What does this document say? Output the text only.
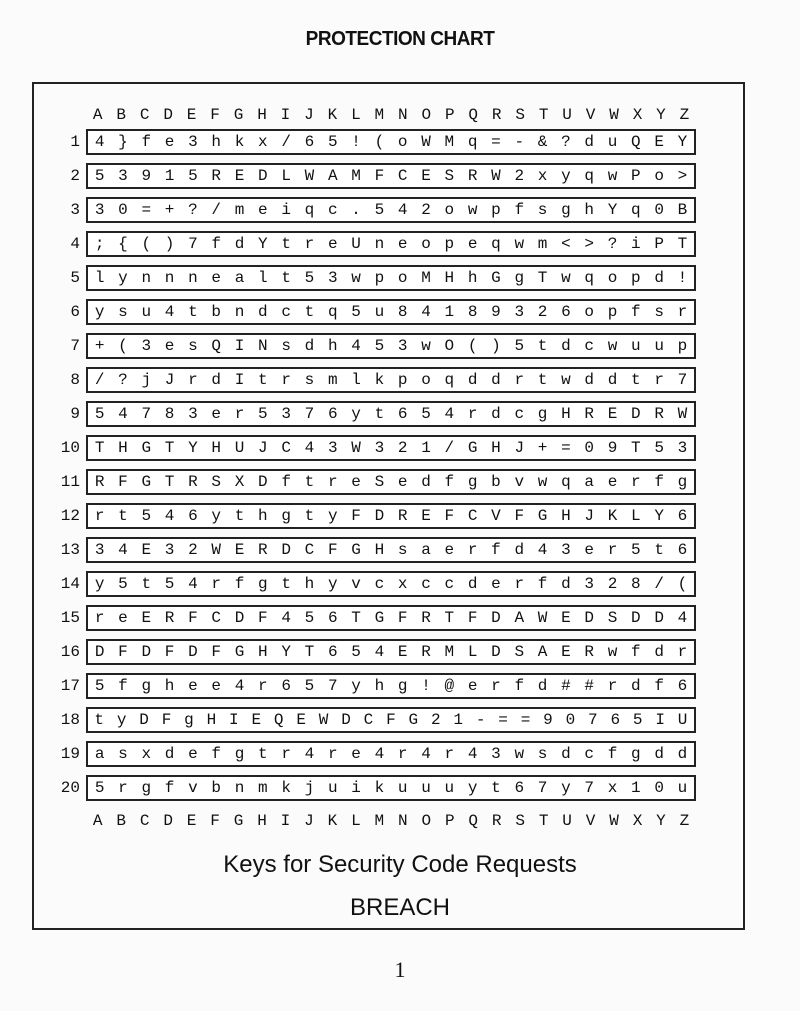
PROTECTION CHART
A B C D E F G H I J K L M N O P Q R S T U V W X Y Z
1 4 } f e 3 h k x / 6 5 ! ( o W M q = - & ? d u Q E Y
2 5 3 9 1 5 R E D L W A M F C E S R W 2 x y q w P o >
3 3 0 = + ? / m e i q c . 5 4 2 o w p f s g h Y q 0 B
4 ; { ( ) 7 f d Y t r e U n e o p e q w m < > ? i P T
5 l y n n n e a l t 5 3 w p o M H h G g T w q o p d !
6 y s u 4 t b n d c t q 5 u 8 4 1 8 9 3 2 6 o p f s r
7 + ( 3 e s Q I N s d h 4 5 3 w O ( ) 5 t d c w u u p
8 / ? j J r d I t r s m l k p o q d d r t w d d t r 7
9 5 4 7 8 3 e r 5 3 7 6 y t 6 5 4 r d c g H R E D R W
10 T H G T Y H U J C 4 3 W 3 2 1 / G H J + = 0 9 T 5 3
11 R F G T R S X D f t r e S e d f g b v w q a e r f g
12 r t 5 4 6 y t h g t y F D R E F C V F G H J K L Y 6
13 3 4 E 3 2 W E R D C F G H s a e r f d 4 3 e r 5 t 6
14 y 5 t 5 4 r f g t h y v c x c c d e r f d 3 2 8 / (
15 r e E R F C D F 4 5 6 T G F R T F D A W E D S D D 4
16 D F D F D F G H Y T 6 5 4 E R M L D S A E R w f d r
17 5 f g h e e 4 r 6 5 7 y h g ! @ e r f d # # r d f 6
18 t y D F g H I E Q E W D C F G 2 1 - = = 9 0 7 6 5 I U
19 a s x d e f g t r 4 r e 4 r 4 r 4 3 w s d c f g d d
20 5 r g f v b n m k j u i k u u u y t 6 7 y 7 x 1 0 u
A B C D E F G H I J K L M N O P Q R S T U V W X Y Z
Keys for Security Code Requests
BREACH
1
